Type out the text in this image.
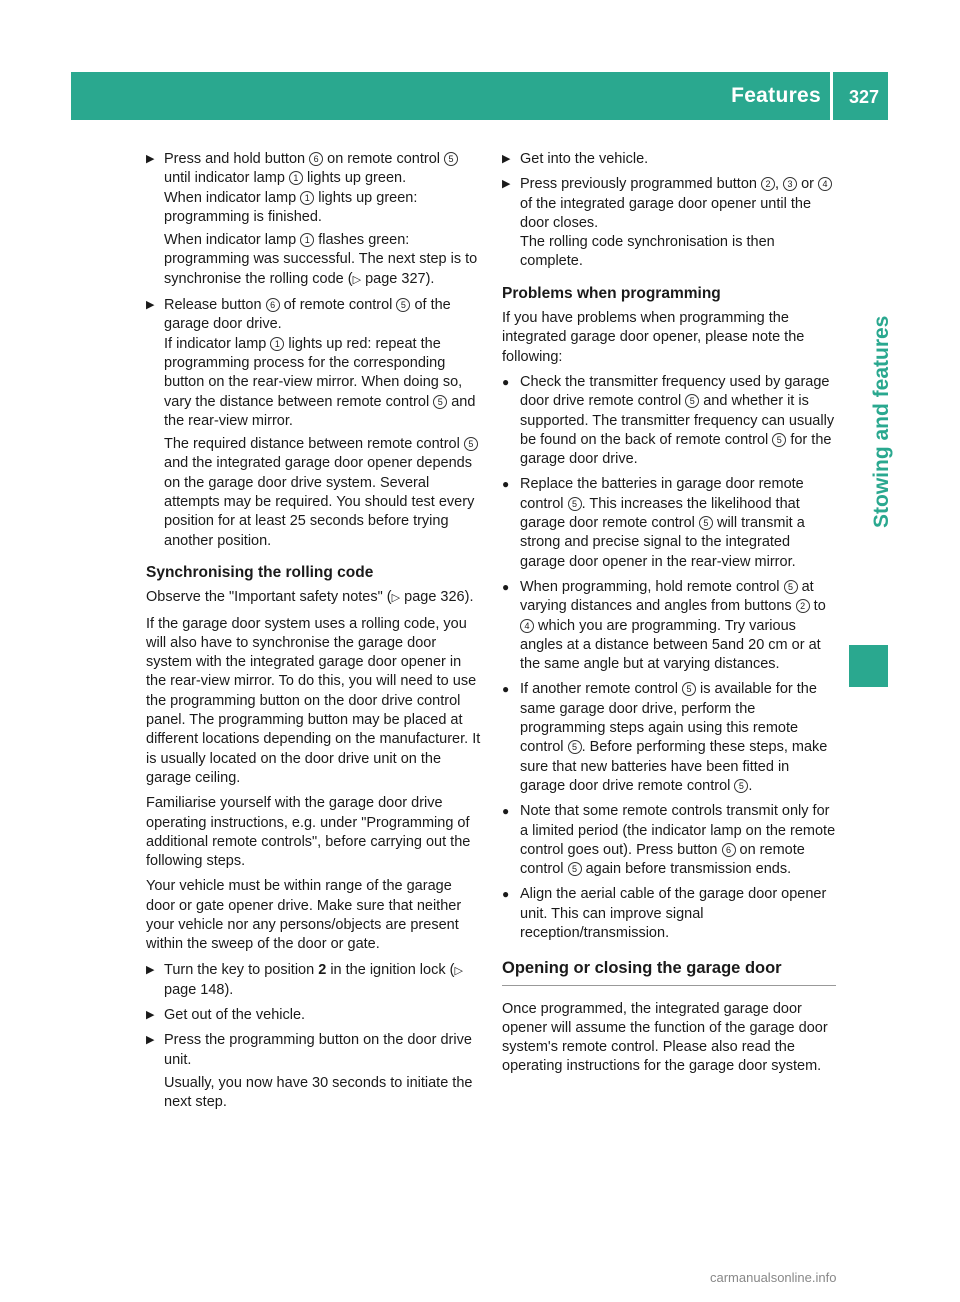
Features 327
Stowing and features
▶ Press and hold button 6 on remote control 5 until indicator lamp 1 lights up green.
When indicator lamp 1 lights up green: programming is finished.

When indicator lamp 1 flashes green: programming was successful. The next step is to synchronise the rolling code (▷ page 327).

▶ Release button 6 of remote control 5 of the garage door drive.
If indicator lamp 1 lights up red: repeat the programming process for the corresponding button on the rear-view mirror. When doing so, vary the distance between remote control 5 and the rear-view mirror.

The required distance between remote control 5 and the integrated garage door opener depends on the garage door drive system. Several attempts may be required. You should test every position for at least 25 seconds before trying another position.

Synchronising the rolling code

Observe the "Important safety notes" (▷ page 326).

If the garage door system uses a rolling code, you will also have to synchronise the garage door system with the integrated garage door opener in the rear-view mirror. To do this, you will need to use the programming button on the door drive control panel. The programming button may be placed at different locations depending on the manufacturer. It is usually located on the door drive unit on the garage ceiling.

Familiarise yourself with the garage door drive operating instructions, e.g. under "Programming of additional remote controls", before carrying out the following steps.

Your vehicle must be within range of the garage door or gate opener drive. Make sure that neither your vehicle nor any persons/objects are present within the sweep of the door or gate.

▶ Turn the key to position 2 in the ignition lock (▷ page 148).

▶ Get out of the vehicle.

▶ Press the programming button on the door drive unit.

Usually, you now have 30 seconds to initiate the next step.

▶ Get into the vehicle.

▶ Press previously programmed button 2 , 3 or 4 of the integrated garage door opener until the door closes.
The rolling code synchronisation is then complete.

Problems when programming

If you have problems when programming the integrated garage door opener, please note the following:

● Check the transmitter frequency used by garage door drive remote control 5 and whether it is supported. The transmitter frequency can usually be found on the back of remote control 5 for the garage door drive.

● Replace the batteries in garage door remote control 5 . This increases the likelihood that garage door remote control 5 will transmit a strong and precise signal to the integrated garage door opener in the rear-view mirror.

● When programming, hold remote control 5 at varying distances and angles from buttons 2 to 4 which you are programming. Try various angles at a distance between 5and 20 cm or at the same angle but at varying distances.

● If another remote control 5 is available for the same garage door drive, perform the programming steps again using this remote control 5 . Before performing these steps, make sure that new batteries have been fitted in garage door drive remote control 5 .

● Note that some remote controls transmit only for a limited period (the indicator lamp on the remote control goes out). Press button 6 on remote control 5 again before transmission ends.

● Align the aerial cable of the garage door opener unit. This can improve signal reception/transmission.

Opening or closing the garage door

Once programmed, the integrated garage door opener will assume the function of the garage door system's remote control. Please also read the operating instructions for the garage door system.

carmanualsonline.info
